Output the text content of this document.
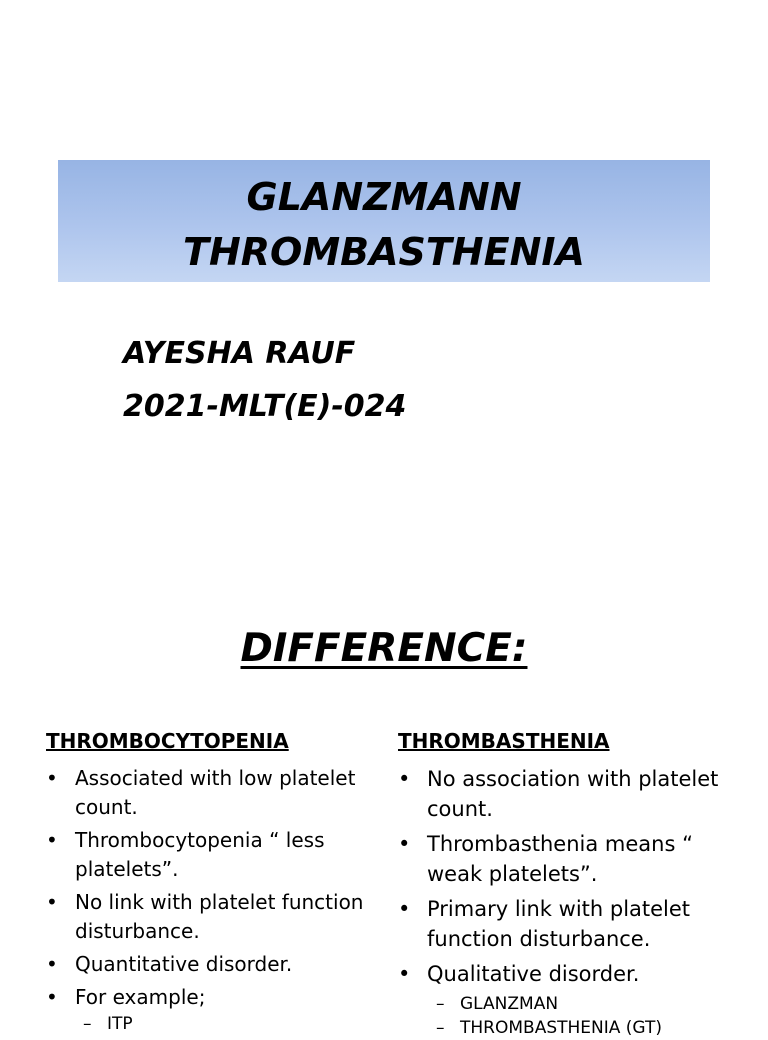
GLANZMANN
THROMBASTHENIA
AYESHA RAUF
2021-MLT(E)-024
DIFFERENCE:
THROMBOCYTOPENIA	THROMBASTHENIA
• Associated with low platelet count.
• Thrombocytopenia “ less platelets”.
• No link with platelet function disturbance.
• Quantitative disorder.
• For example;
– ITP
• No association with platelet count.
• Thrombasthenia means “ weak platelets”.
• Primary link with platelet function disturbance.
• Qualitative disorder.
– GLANZMAN
– THROMBASTHENIA (GT)
